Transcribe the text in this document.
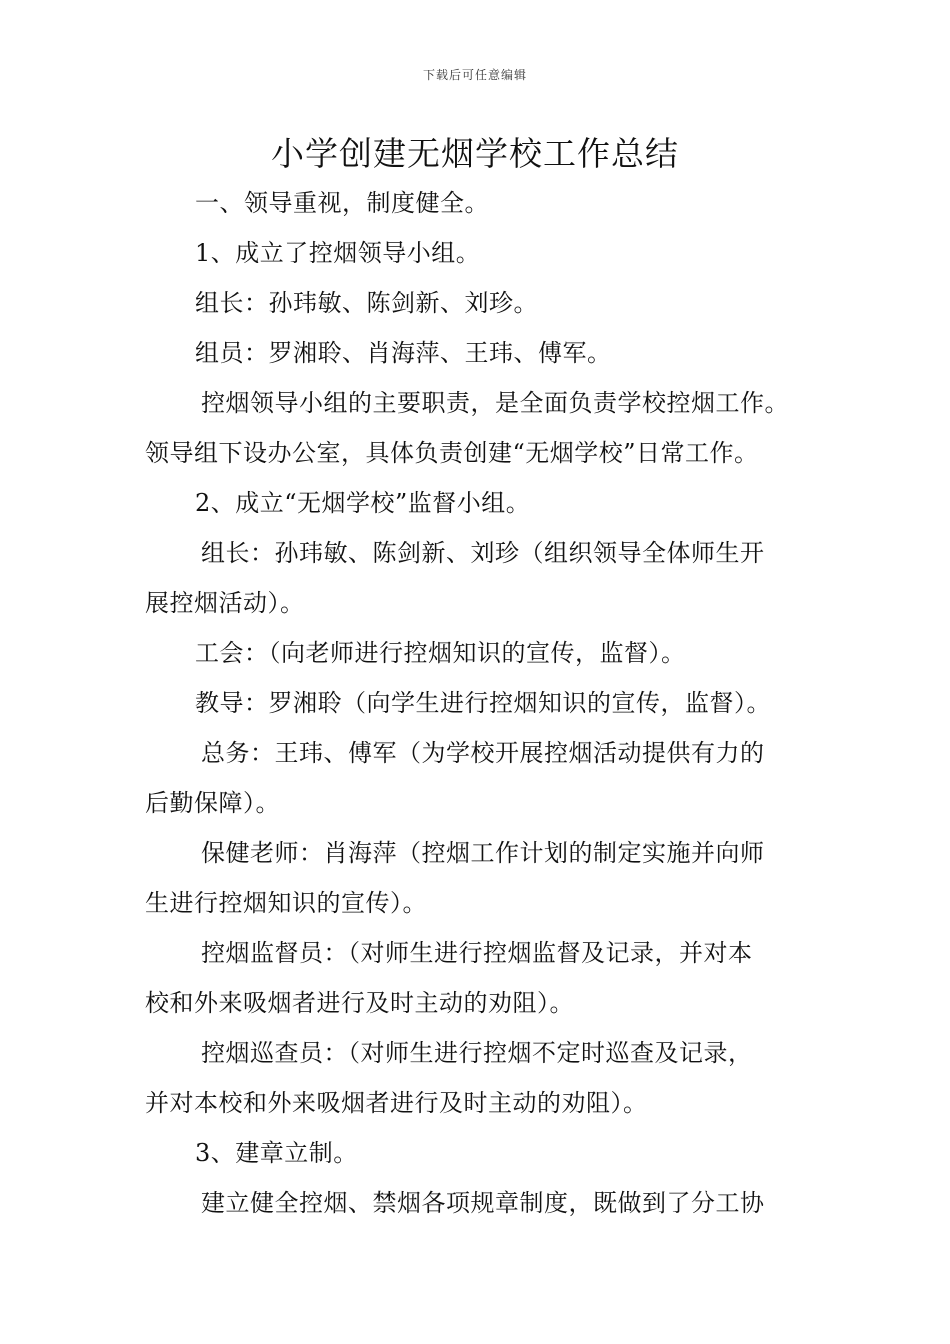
下载后可任意编辑
小学创建无烟学校工作总结

一、领导重视，制度健全。

1、成立了控烟领导小组。

组长：孙玮敏、陈剑新、刘珍。

组员：罗湘聆、肖海萍、王玮、傅军。

控烟领导小组的主要职责，是全面负责学校控烟工作。

领导组下设办公室，具体负责创建“无烟学校”日常工作。

2、成立“无烟学校”监督小组。

组长：孙玮敏、陈剑新、刘珍（组织领导全体师生开

展控烟活动）。

工会：（向老师进行控烟知识的宣传，监督）。

教导：罗湘聆（向学生进行控烟知识的宣传，监督）。

总务：王玮、傅军（为学校开展控烟活动提供有力的

后勤保障）。

保健老师：肖海萍（控烟工作计划的制定实施并向师

生进行控烟知识的宣传）。

控烟监督员：（对师生进行控烟监督及记录，并对本

校和外来吸烟者进行及时主动的劝阻）。

控烟巡查员：（对师生进行控烟不定时巡查及记录，

并对本校和外来吸烟者进行及时主动的劝阻）。

3、建章立制。

建立健全控烟、禁烟各项规章制度，既做到了分工协
